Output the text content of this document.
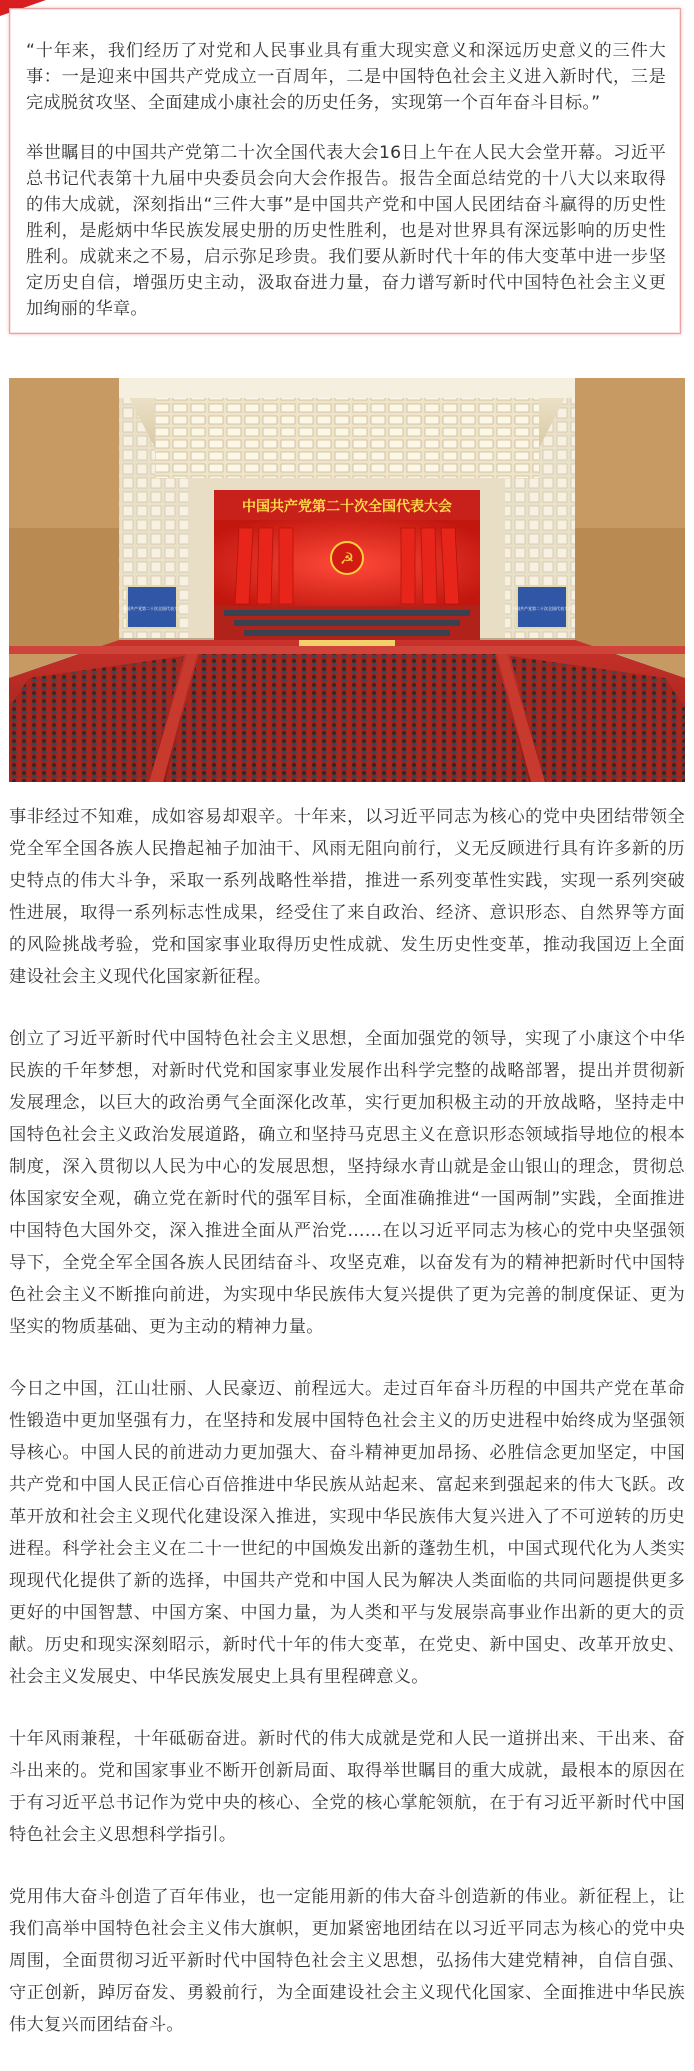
“十年来，我们经历了对党和人民事业具有重大现实意义和深远历史意义的三件大事：一是迎来中国共产党成立一百周年，二是中国特色社会主义进入新时代，三是完成脱贫攻坚、全面建成小康社会的历史任务，实现第一个百年奋斗目标。”

举世瞩目的中国共产党第二十次全国代表大会16日上午在人民大会堂开幕。习近平总书记代表第十九届中央委员会向大会作报告。报告全面总结党的十八大以来取得的伟大成就，深刻指出“三件大事”是中国共产党和中国人民团结奋斗赢得的历史性胜利，是彪炳中华民族发展史册的历史性胜利，也是对世界具有深远影响的历史性胜利。成就来之不易，启示弥足珍贵。我们要从新时代十年的伟大变革中进一步坚定历史自信，增强历史主动，汲取奋进力量，奋力谱写新时代中国特色社会主义更加绚丽的华章。

中国共产党第二十次全国代表大会
☭
中国共产党第二十次全国代表大会	中国共产党第二十次全国代表大会

事非经过不知难，成如容易却艰辛。十年来，以习近平同志为核心的党中央团结带领全党全军全国各族人民撸起袖子加油干、风雨无阻向前行，义无反顾进行具有许多新的历史特点的伟大斗争，采取一系列战略性举措，推进一系列变革性实践，实现一系列突破性进展，取得一系列标志性成果，经受住了来自政治、经济、意识形态、自然界等方面的风险挑战考验，党和国家事业取得历史性成就、发生历史性变革，推动我国迈上全面建设社会主义现代化国家新征程。

创立了习近平新时代中国特色社会主义思想，全面加强党的领导，实现了小康这个中华民族的千年梦想，对新时代党和国家事业发展作出科学完整的战略部署，提出并贯彻新发展理念，以巨大的政治勇气全面深化改革，实行更加积极主动的开放战略，坚持走中国特色社会主义政治发展道路，确立和坚持马克思主义在意识形态领域指导地位的根本制度，深入贯彻以人民为中心的发展思想，坚持绿水青山就是金山银山的理念，贯彻总体国家安全观，确立党在新时代的强军目标，全面准确推进“一国两制”实践，全面推进中国特色大国外交，深入推进全面从严治党……在以习近平同志为核心的党中央坚强领导下，全党全军全国各族人民团结奋斗、攻坚克难，以奋发有为的精神把新时代中国特色社会主义不断推向前进，为实现中华民族伟大复兴提供了更为完善的制度保证、更为坚实的物质基础、更为主动的精神力量。

今日之中国，江山壮丽、人民豪迈、前程远大。走过百年奋斗历程的中国共产党在革命性锻造中更加坚强有力，在坚持和发展中国特色社会主义的历史进程中始终成为坚强领导核心。中国人民的前进动力更加强大、奋斗精神更加昂扬、必胜信念更加坚定，中国共产党和中国人民正信心百倍推进中华民族从站起来、富起来到强起来的伟大飞跃。改革开放和社会主义现代化建设深入推进，实现中华民族伟大复兴进入了不可逆转的历史进程。科学社会主义在二十一世纪的中国焕发出新的蓬勃生机，中国式现代化为人类实现现代化提供了新的选择，中国共产党和中国人民为解决人类面临的共同问题提供更多更好的中国智慧、中国方案、中国力量，为人类和平与发展崇高事业作出新的更大的贡献。历史和现实深刻昭示，新时代十年的伟大变革，在党史、新中国史、改革开放史、社会主义发展史、中华民族发展史上具有里程碑意义。

十年风雨兼程，十年砥砺奋进。新时代的伟大成就是党和人民一道拼出来、干出来、奋斗出来的。党和国家事业不断开创新局面、取得举世瞩目的重大成就，最根本的原因在于有习近平总书记作为党中央的核心、全党的核心掌舵领航，在于有习近平新时代中国特色社会主义思想科学指引。

党用伟大奋斗创造了百年伟业，也一定能用新的伟大奋斗创造新的伟业。新征程上，让我们高举中国特色社会主义伟大旗帜，更加紧密地团结在以习近平同志为核心的党中央周围，全面贯彻习近平新时代中国特色社会主义思想，弘扬伟大建党精神，自信自强、守正创新，踔厉奋发、勇毅前行，为全面建设社会主义现代化国家、全面推进中华民族伟大复兴而团结奋斗。
